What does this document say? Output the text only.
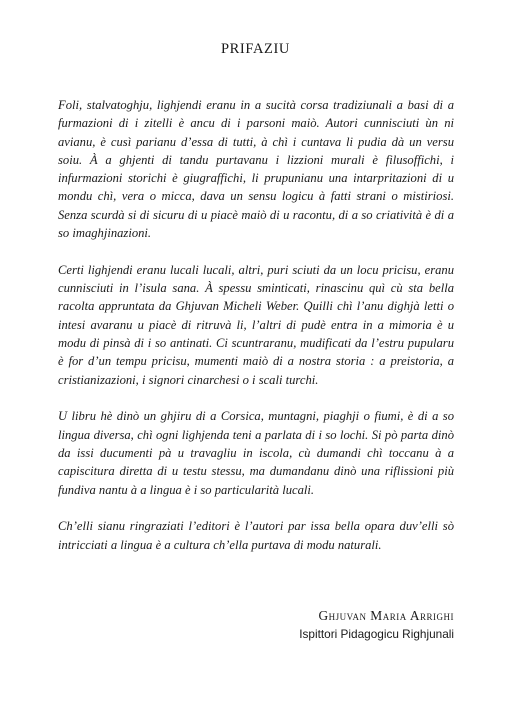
PRIFAZIU

Foli, stalvatoghju, lighjendi eranu in a sucità corsa tradiziunali a basi di a furmazioni di i zitelli è ancu di i parsoni maiò. Autori cunnisciuti ùn ni avianu, è cusì parianu d’essa di tutti, à chì i cuntava li pudia dà un versu soiu. À a ghjenti di tandu purtavanu i lizzioni murali è filusoffichi, i infurmazioni storichi è giugraffichi, li prupunianu una intarpritazioni di u mondu chì, vera o micca, dava un sensu logicu à fatti strani o mistiriosi. Senza scurdà si di sicuru di u piacè maiò di u racontu, di a so criatività è di a so imaghjinazioni.

Certi lighjendi eranu lucali lucali, altri, puri sciuti da un locu pricisu, eranu cunnisciuti in l’isula sana. À spessu sminticati, rinascinu quì cù sta bella racolta appruntata da Ghjuvan Micheli Weber. Quilli chì l’anu dighjà letti o intesi avaranu u piacè di ritruvà li, l’altri di pudè entra in a mimoria è u modu di pinsà di i so antinati. Ci scuntraranu, mudificati da l’estru pupularu è for d’un tempu pricisu, mumenti maiò di a nostra storia : a preistoria, a cristianizazioni, i signori cinarchesi o i scali turchi.

U libru hè dinò un ghjiru di a Corsica, muntagni, piaghji o fiumi, è di a so lingua diversa, chì ogni lighjenda teni a parlata di i so lochi. Si pò parta dinò da issi ducumenti pà u travagliu in iscola, cù dumandi chì toccanu à a capiscitura diretta di u testu stessu, ma dumandanu dinò una riflissioni più fundiva nantu à a lingua è i so particularità lucali.

Ch’elli sianu ringraziati l’editori è l’autori par issa bella opara duv’elli sò intricciati a lingua è a cultura ch’ella purtava di modu naturali.

Ghjuvan Maria Arrighi
Ispittori Pidagogicu Righjunali
